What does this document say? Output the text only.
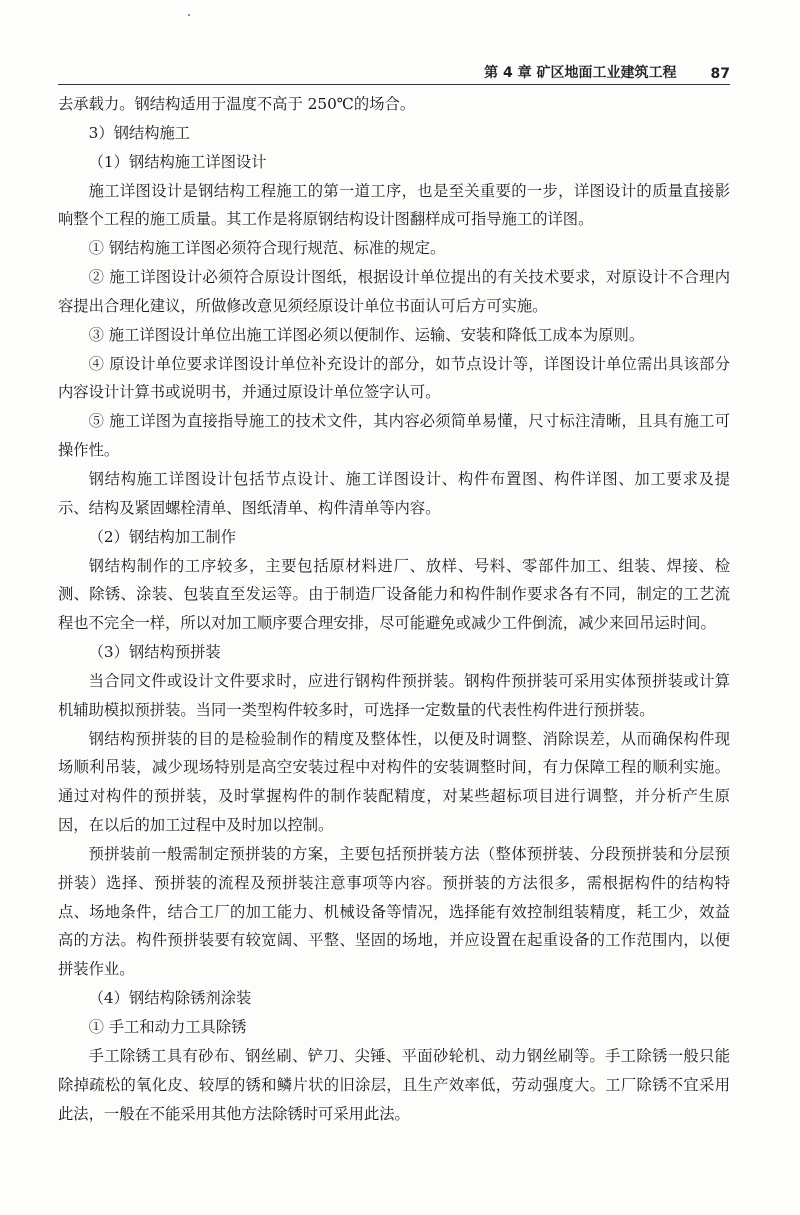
第 4 章 矿区地面工业建筑工程 87

去承载力。钢结构适用于温度不高于 250℃的场合。

3）钢结构施工

（1）钢结构施工详图设计

施工详图设计是钢结构工程施工的第一道工序，也是至关重要的一步，详图设计的质量直接影响整个工程的施工质量。其工作是将原钢结构设计图翻样成可指导施工的详图。

① 钢结构施工详图必须符合现行规范、标准的规定。

② 施工详图设计必须符合原设计图纸，根据设计单位提出的有关技术要求，对原设计不合理内容提出合理化建议，所做修改意见须经原设计单位书面认可后方可实施。

③ 施工详图设计单位出施工详图必须以便制作、运输、安装和降低工成本为原则。

④ 原设计单位要求详图设计单位补充设计的部分，如节点设计等，详图设计单位需出具该部分内容设计计算书或说明书，并通过原设计单位签字认可。

⑤ 施工详图为直接指导施工的技术文件，其内容必须简单易懂，尺寸标注清晰，且具有施工可操作性。

钢结构施工详图设计包括节点设计、施工详图设计、构件布置图、构件详图、加工要求及提示、结构及紧固螺栓清单、图纸清单、构件清单等内容。

（2）钢结构加工制作

钢结构制作的工序较多，主要包括原材料进厂、放样、号料、零部件加工、组装、焊接、检测、除锈、涂装、包装直至发运等。由于制造厂设备能力和构件制作要求各有不同，制定的工艺流程也不完全一样，所以对加工顺序要合理安排，尽可能避免或减少工件倒流，减少来回吊运时间。

（3）钢结构预拼装

当合同文件或设计文件要求时，应进行钢构件预拼装。钢构件预拼装可采用实体预拼装或计算机辅助模拟预拼装。当同一类型构件较多时，可选择一定数量的代表性构件进行预拼装。

钢结构预拼装的目的是检验制作的精度及整体性，以便及时调整、消除误差，从而确保构件现场顺利吊装，减少现场特别是高空安装过程中对构件的安装调整时间，有力保障工程的顺利实施。通过对构件的预拼装，及时掌握构件的制作装配精度，对某些超标项目进行调整，并分析产生原因，在以后的加工过程中及时加以控制。

预拼装前一般需制定预拼装的方案，主要包括预拼装方法（整体预拼装、分段预拼装和分层预拼装）选择、预拼装的流程及预拼装注意事项等内容。预拼装的方法很多，需根据构件的结构特点、场地条件，结合工厂的加工能力、机械设备等情况，选择能有效控制组装精度，耗工少，效益高的方法。构件预拼装要有较宽阔、平整、坚固的场地，并应设置在起重设备的工作范围内，以便拼装作业。

（4）钢结构除锈剂涂装

① 手工和动力工具除锈

手工除锈工具有砂布、钢丝刷、铲刀、尖锤、平面砂轮机、动力钢丝刷等。手工除锈一般只能除掉疏松的氧化皮、较厚的锈和鳞片状的旧涂层，且生产效率低，劳动强度大。工厂除锈不宜采用此法，一般在不能采用其他方法除锈时可采用此法。
